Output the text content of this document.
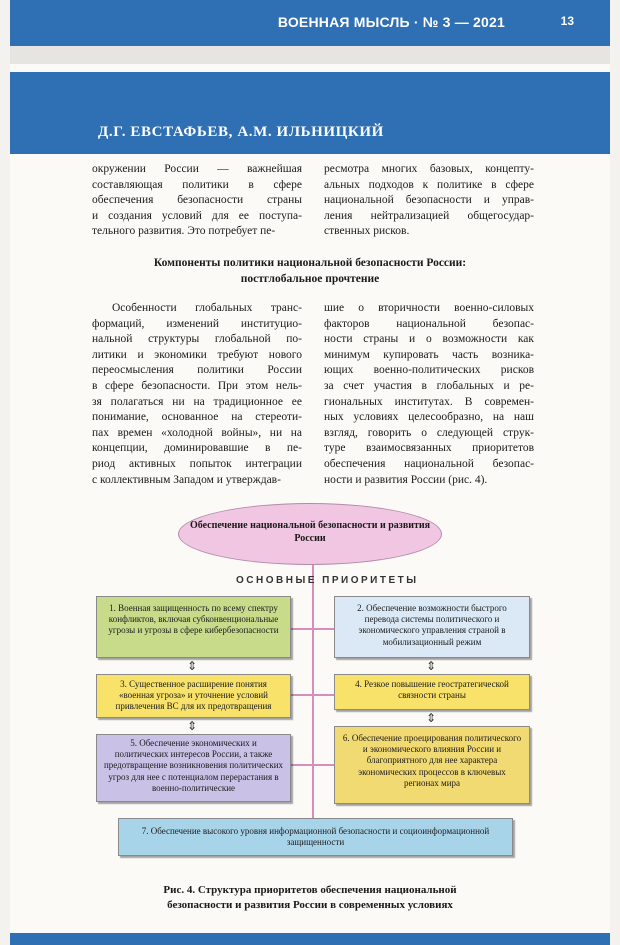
ВОЕННАЯ МЫСЛЬ · № 3 — 2021	13
Д.Г. ЕВСТАФЬЕВ, А.М. ИЛЬНИЦКИЙ
окружении России — важнейшая
составляющая политики в сфере
обеспечения безопасности страны
и создания условий для ее поступа-
тельного развития. Это потребует пе-
ресмотра многих базовых, концепту-
альных подходов к политике в сфере
национальной безопасности и управ-
ления нейтрализацией общегосудар-
ственных рисков.
Компоненты политики национальной безопасности России:
постглобальное прочтение
Особенности глобальных транс-
формаций, изменений институцио-
нальной структуры глобальной по-
литики и экономики требуют нового
переосмысления политики России
в сфере безопасности. При этом нель-
зя полагаться ни на традиционное ее
понимание, основанное на стереоти-
пах времен «холодной войны», ни на
концепции, доминировавшие в пе-
риод активных попыток интеграции
с коллективным Западом и утверждав-
шие о вторичности военно-силовых
факторов национальной безопас-
ности страны и о возможности как
минимум купировать часть возника-
ющих военно-политических рисков
за счет участия в глобальных и ре-
гиональных институтах. В современ-
ных условиях целесообразно, на наш
взгляд, говорить о следующей струк-
туре взаимосвязанных приоритетов
обеспечения национальной безопас-
ности и развития России (рис. 4).
Обеспечение национальной безопасности и развития России
ОСНОВНЫЕ ПРИОРИТЕТЫ
1. Военная защищенность по всему спектру конфликтов, включая субконвенциональные угрозы и угрозы в сфере кибербезопасности
2. Обеспечение возможности быстрого перевода системы политического и экономического управления страной в мобилизационный режим
⇕	⇕
3. Существенное расширение понятия «военная угроза» и уточнение условий привлечения ВС для их предотвращения
4. Резкое повышение геостратегической связности страны
⇕
⇕
5. Обеспечение экономических и политических интересов России, а также предотвращение возникновения политических угроз для нее с потенциалом перерастания в военно-политические
6. Обеспечение проецирования политического и экономического влияния России и благоприятного для нее характера экономических процессов в ключевых регионах мира
7. Обеспечение высокого уровня информационной безопасности и социоинформационной защищенности
Рис. 4. Структура приоритетов обеспечения национальной
безопасности и развития России в современных условиях
